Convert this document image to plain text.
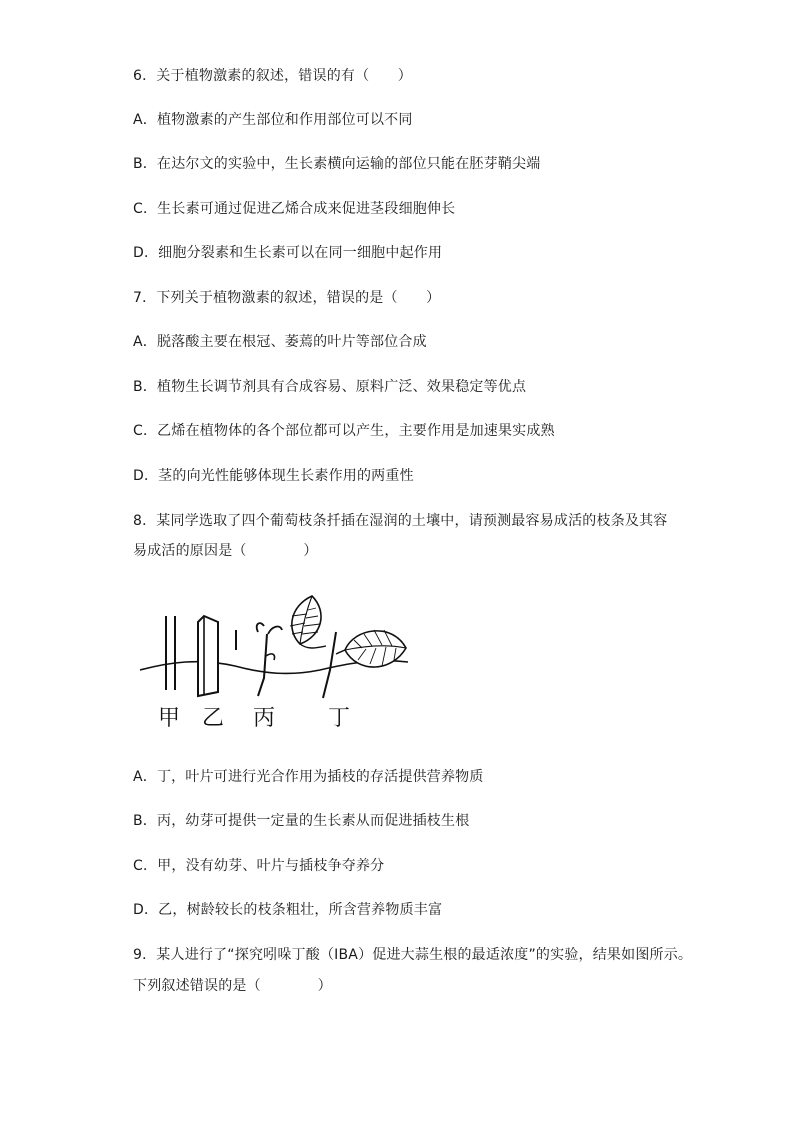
6．关于植物激素的叙述，错误的有（　　）
A．植物激素的产生部位和作用部位可以不同
B．在达尔文的实验中，生长素横向运输的部位只能在胚芽鞘尖端
C．生长素可通过促进乙烯合成来促进茎段细胞伸长
D．细胞分裂素和生长素可以在同一细胞中起作用
7．下列关于植物激素的叙述，错误的是（　　）
A．脱落酸主要在根冠、萎蔫的叶片等部位合成
B．植物生长调节剂具有合成容易、原料广泛、效果稳定等优点
C．乙烯在植物体的各个部位都可以产生，主要作用是加速果实成熟
D．茎的向光性能够体现生长素作用的两重性
8．某同学选取了四个葡萄枝条扦插在湿润的土壤中，请预测最容易成活的枝条及其容
易成活的原因是（　　　　）
甲 乙 丙 丁
A．丁，叶片可进行光合作用为插枝的存活提供营养物质
B．丙，幼芽可提供一定量的生长素从而促进插枝生根
C．甲，没有幼芽、叶片与插枝争夺养分
D．乙，树龄较长的枝条粗壮，所含营养物质丰富
9．某人进行了“探究吲哚丁酸（IBA）促进大蒜生根的最适浓度”的实验，结果如图所示。
下列叙述错误的是（　　　　）
